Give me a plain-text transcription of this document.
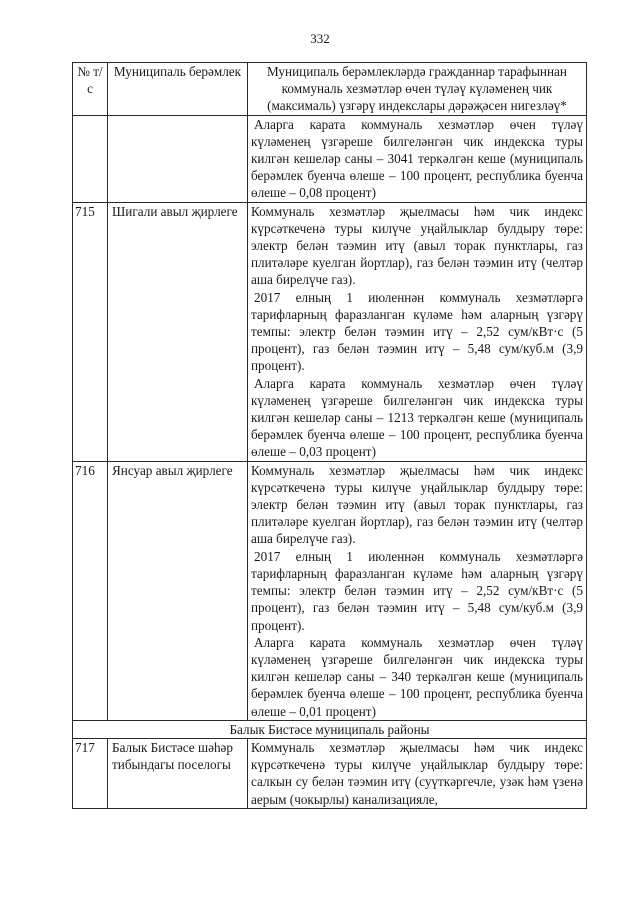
332
№ т/с	Муниципаль берәмлек	Муниципаль берәмлекләрдә гражданнар тарафыннан коммуналь хезмәтләр өчен түләү күләменең чик (максималь) үзгәрү индекслары дәрәҗәсен нигезләү*

		Аларга карата коммуналь хезмәтләр өчен түләү күләменең үзгәреше билгеләнгән чик индекска туры килгән кешеләр саны – 3041 теркәлгән кеше (муниципаль берәмлек буенча өлеше – 100 процент, республика буенча өлеше – 0,08 процент)

715	Шигали авыл җирлеге	Коммуналь хезмәтләр җыелмасы һәм чик индекс күрсәткеченә туры килүче уңайлыклар булдыру төре: электр белән тәэмин итү (авыл торак пунктлары, газ плитәләре куелган йортлар), газ белән тәэмин итү (челтәр аша бирелүче газ).

2017 елның 1 июленнән коммуналь хезмәтләргә тарифларның фаразланган күләме һәм аларның үзгәрү темпы: электр белән тәэмин итү – 2,52 сум/кВт·с (5 процент), газ белән тәэмин итү – 5,48 сум/куб.м (3,9 процент).

Аларга карата коммуналь хезмәтләр өчен түләү күләменең үзгәреше билгеләнгән чик индекска туры килгән кешеләр саны – 1213 теркәлгән кеше (муниципаль берәмлек буенча өлеше – 100 процент, республика буенча өлеше – 0,03 процент)

716	Янсуар авыл җирлеге	Коммуналь хезмәтләр җыелмасы һәм чик индекс күрсәткеченә туры килүче уңайлыклар булдыру төре: электр белән тәэмин итү (авыл торак пунктлары, газ плитәләре куелган йортлар), газ белән тәэмин итү (челтәр аша бирелүче газ).

2017 елның 1 июленнән коммуналь хезмәтләргә тарифларның фаразланган күләме һәм аларның үзгәрү темпы: электр белән тәэмин итү – 2,52 сум/кВт·с (5 процент), газ белән тәэмин итү – 5,48 сум/куб.м (3,9 процент).

Аларга карата коммуналь хезмәтләр өчен түләү күләменең үзгәреше билгеләнгән чик индекска туры килгән кешеләр саны – 340 теркәлгән кеше (муниципаль берәмлек буенча өлеше – 100 процент, республика буенча өлеше – 0,01 процент)

Балык Бистәсе муниципаль районы		
717	Балык Бистәсе шәһәр тибындагы поселогы	Коммуналь хезмәтләр җыелмасы һәм чик индекс күрсәткеченә туры килүче уңайлыклар булдыру төре: салкын су белән тәэмин итү (суүткәргечле, узәк һәм үзенә аерым (чокырлы) канализацияле,
